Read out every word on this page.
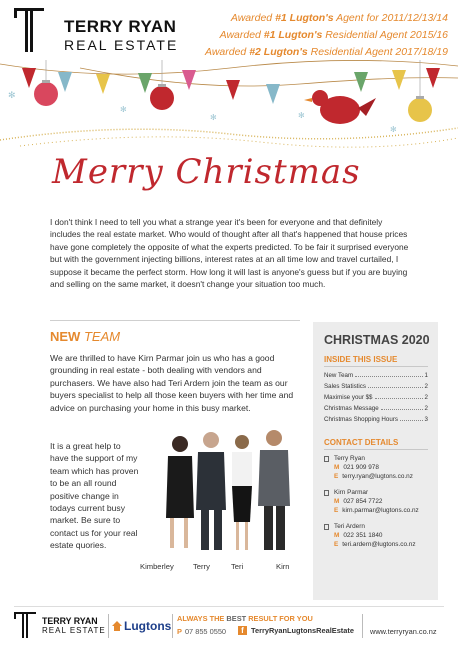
TERRY RYAN
REAL ESTATE
Awarded #1 Lugton's Agent for 2011/12/13/14
Awarded #1 Lugton's Residential Agent 2015/16
Awarded #2 Lugton's Residential Agent 2017/18/19
✻
✻
✻	✻
✻
Merry Christmas

I don't think I need to tell you what a strange year it's been for everyone and that definitely includes the real estate market. Who would of thought after all that's happened that house prices have gone completely the opposite of what the experts predicted. To be fair it surprised everyone but with the government injecting billions, interest rates at an all time low and travel curtailed, I suppose it became the perfect storm. How long it will last is anyone's guess but if you are buying and selling on the same market, it doesn't change your situation too much.

NEW TEAM

We are thrilled to have Kirn Parmar join us who has a good grounding in real estate - both dealing with vendors and purchasers. We have also had Teri Ardern join the team as our buyers specialist to help all those keen buyers with her time and advice on purchasing your home in this busy market.

It is a great help to have the support of my team which has proven to be an all round positive change in todays current busy market. Be sure to contact us for your real estate quories.

Kimberley	Terry	Teri	Kirn
CHRISTMAS 2020
INSIDE THIS ISSUE
New Team	1
Sales Statistics	2
Maximise your $$	2
Christmas Message	2
Christmas Shopping Hours	3
CONTACT DETAILS
Terry Ryan
M 021 909 978
E terry.ryan@lugtons.co.nz
Kirn Parmar
M 027 854 7722
E kirn.parmar@lugtons.co.nz
Teri Ardern
M 022 351 1840
E teri.ardern@lugtons.co.nz
TERRY RYAN
REAL ESTATE Lugtons
ALWAYS THE BEST RESULT FOR YOU
P 07 855 0550	f TerryRyanLugtonsRealEstate www.terryryan.co.nz
